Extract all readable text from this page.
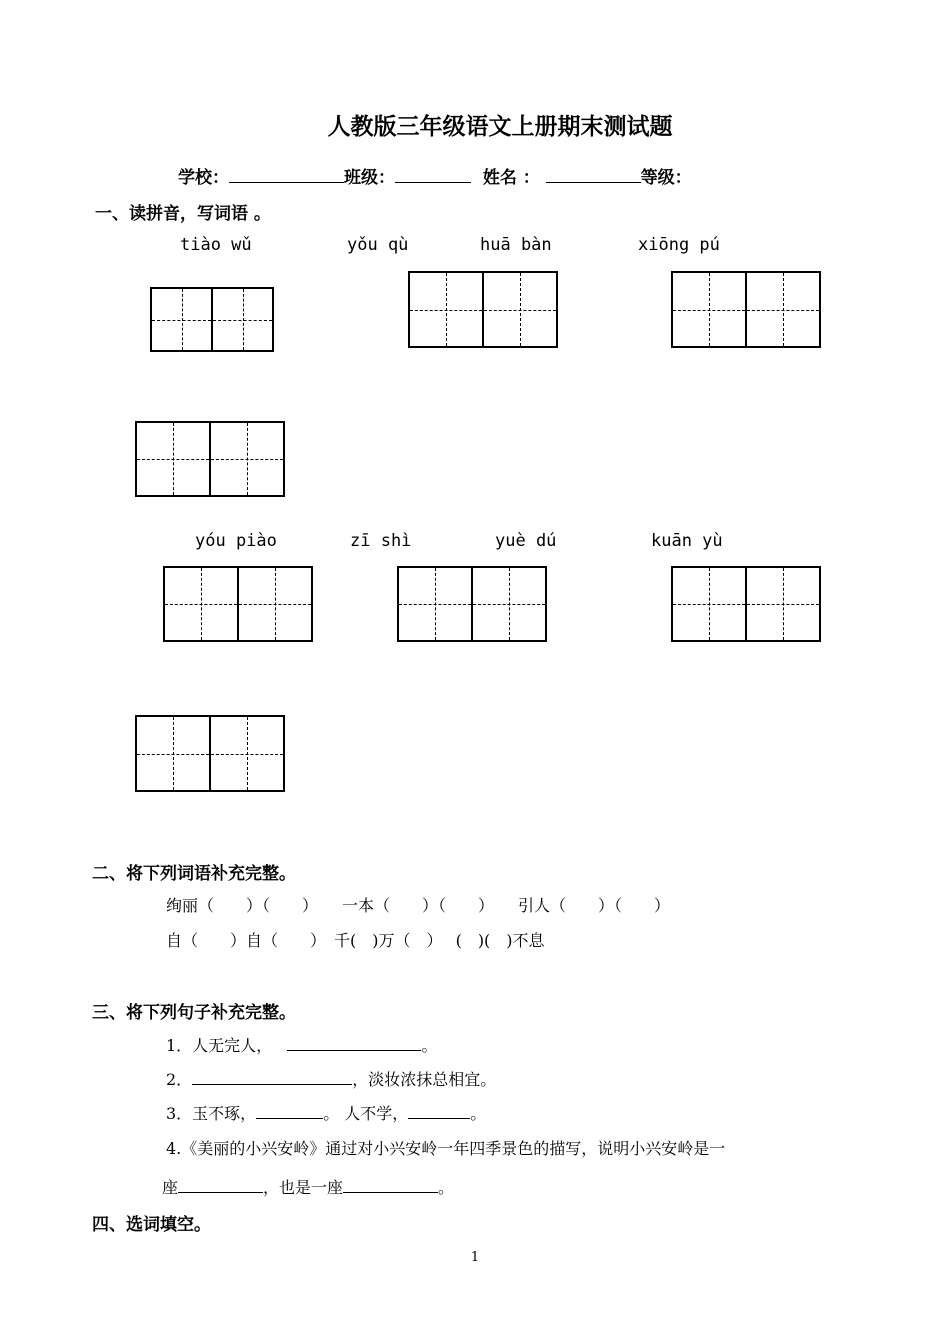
人教版三年级语文上册期末测试题
学校：	班级：	姓名 ：	等级：
一、读拼音，写词语 。
tiào wǔ	yǒu qù	huā bàn	xiōng pú
yóu piào	zī shì	yuè dú	kuān yù
二、将下列词语补充完整。
绚丽（　　）（　　）　　一本（　　）（　　）　　引人（　　）（　　）
自（　　）自（　　）　千(　)万（　）　 (　)(　)不息
三、将下列句子补充完整。
1．人无完人，	。
2．	，淡妆浓抹总相宜。
3．玉不琢，	。 人不学，	。
4.《美丽的小兴安岭》通过对小兴安岭一年四季景色的描写，说明小兴安岭是一
座	，也是一座	。
四、选词填空。
1
